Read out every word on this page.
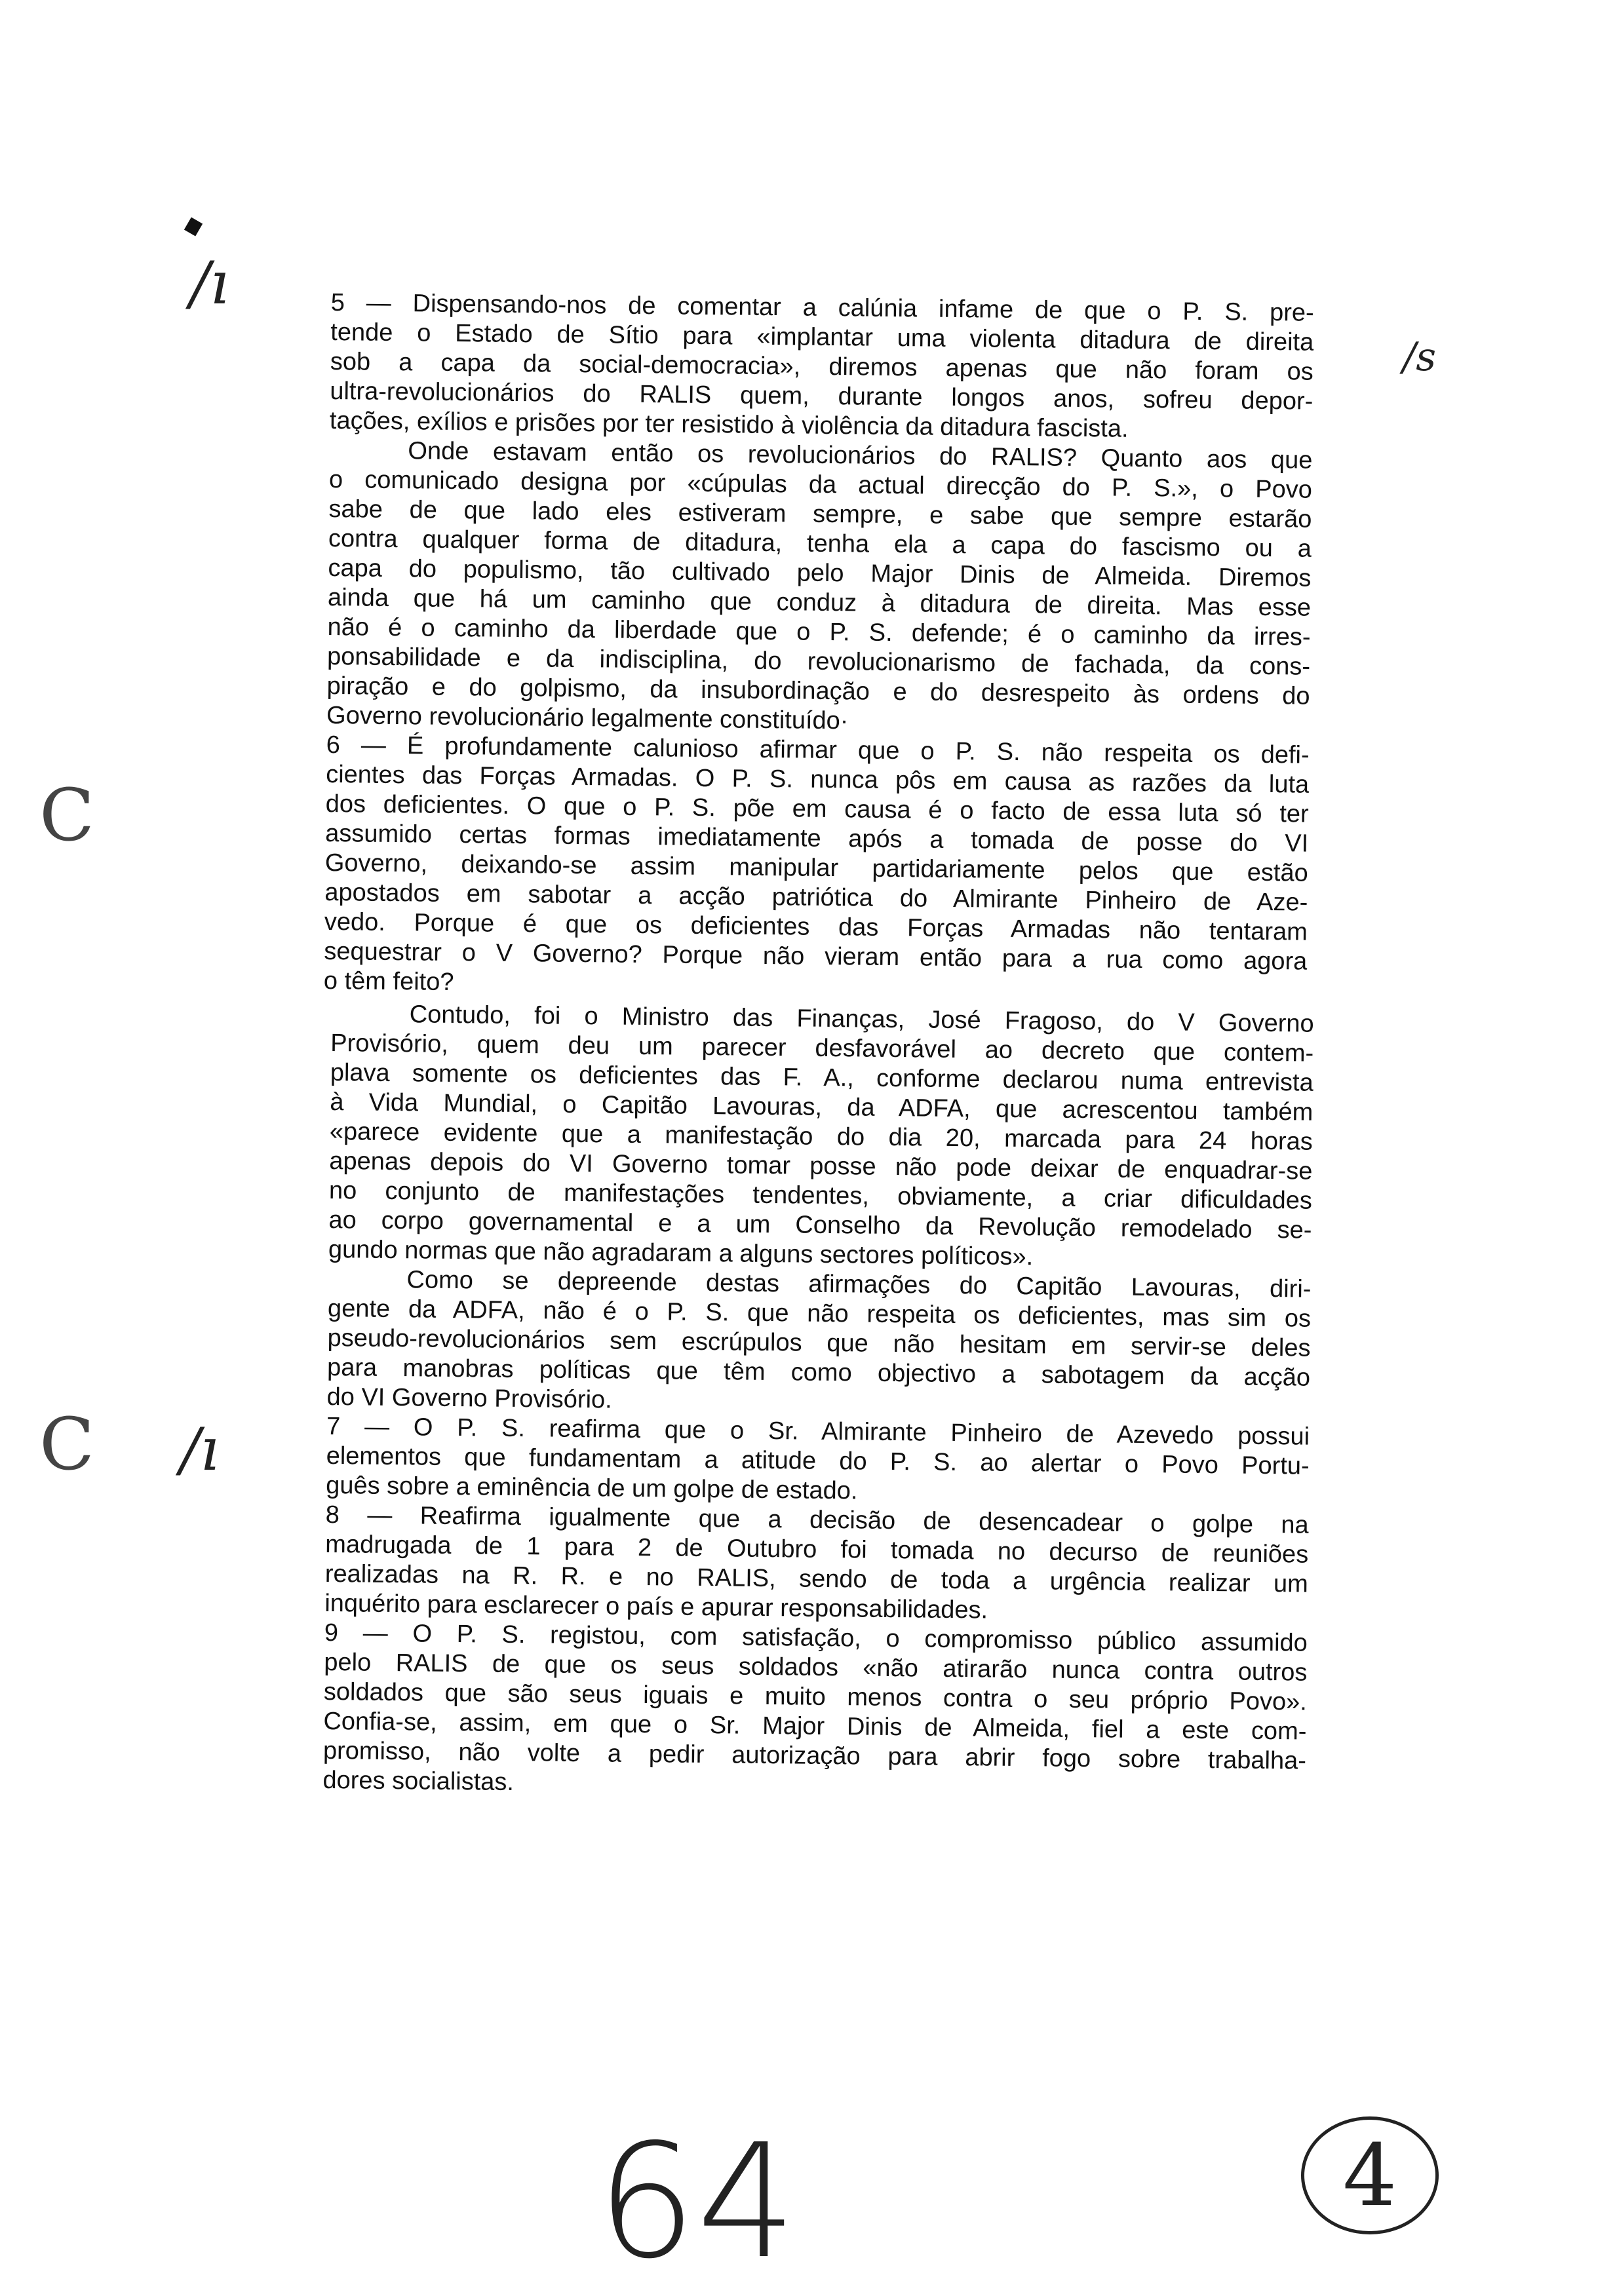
5 — Dispensando-nos de comentar a calúnia infame de que o P. S. pre-
tende o Estado de Sítio para «implantar uma violenta ditadura de direita
sob a capa da social-democracia», diremos apenas que não foram os
ultra-revolucionários do RALIS quem, durante longos anos, sofreu depor-
tações, exílios e prisões por ter resistido à violência da ditadura fascista.
Onde estavam então os revolucionários do RALIS? Quanto aos que
o comunicado designa por «cúpulas da actual direcção do P. S.», o Povo
sabe de que lado eles estiveram sempre, e sabe que sempre estarão
contra qualquer forma de ditadura, tenha ela a capa do fascismo ou a
capa do populismo, tão cultivado pelo Major Dinis de Almeida. Diremos
ainda que há um caminho que conduz à ditadura de direita. Mas esse
não é o caminho da liberdade que o P. S. defende; é o caminho da irres-
ponsabilidade e da indisciplina, do revolucionarismo de fachada, da cons-
piração e do golpismo, da insubordinação e do desrespeito às ordens do
Governo revolucionário legalmente constituído·
6 — É profundamente calunioso afirmar que o P. S. não respeita os defi-
cientes das Forças Armadas. O P. S. nunca pôs em causa as razões da luta
dos deficientes. O que o P. S. põe em causa é o facto de essa luta só ter
assumido certas formas imediatamente após a tomada de posse do VI
Governo, deixando-se assim manipular partidariamente pelos que estão
apostados em sabotar a acção patriótica do Almirante Pinheiro de Aze-
vedo. Porque é que os deficientes das Forças Armadas não tentaram
sequestrar o V Governo? Porque não vieram então para a rua como agora
o têm feito?
Contudo, foi o Ministro das Finanças, José Fragoso, do V Governo
Provisório, quem deu um parecer desfavorável ao decreto que contem-
plava somente os deficientes das F. A., conforme declarou numa entrevista
à Vida Mundial, o Capitão Lavouras, da ADFA, que acrescentou também
«parece evidente que a manifestação do dia 20, marcada para 24 horas
apenas depois do VI Governo tomar posse não pode deixar de enquadrar-se
no conjunto de manifestações tendentes, obviamente, a criar dificuldades
ao corpo governamental e a um Conselho da Revolução remodelado se-
gundo normas que não agradaram a alguns sectores políticos».
Como se depreende destas afirmações do Capitão Lavouras, diri-
gente da ADFA, não é o P. S. que não respeita os deficientes, mas sim os
pseudo-revolucionários sem escrúpulos que não hesitam em servir-se deles
para manobras políticas que têm como objectivo a sabotagem da acção
do VI Governo Provisório.
7 — O P. S. reafirma que o Sr. Almirante Pinheiro de Azevedo possui
elementos que fundamentam a atitude do P. S. ao alertar o Povo Portu-
guês sobre a eminência de um golpe de estado.
8 — Reafirma igualmente que a decisão de desencadear o golpe na
madrugada de 1 para 2 de Outubro foi tomada no decurso de reuniões
realizadas na R. R. e no RALIS, sendo de toda a urgência realizar um
inquérito para esclarecer o país e apurar responsabilidades.
9 — O P. S. registou, com satisfação, o compromisso público assumido
pelo RALIS de que os seus soldados «não atirarão nunca contra outros
soldados que são seus iguais e muito menos contra o seu próprio Povo».
Confia-se, assim, em que o Sr. Major Dinis de Almeida, fiel a este com-
promisso, não volte a pedir autorização para abrir fogo sobre trabalha-
dores socialistas.
/ı
/s
C
C /ı
64	4
